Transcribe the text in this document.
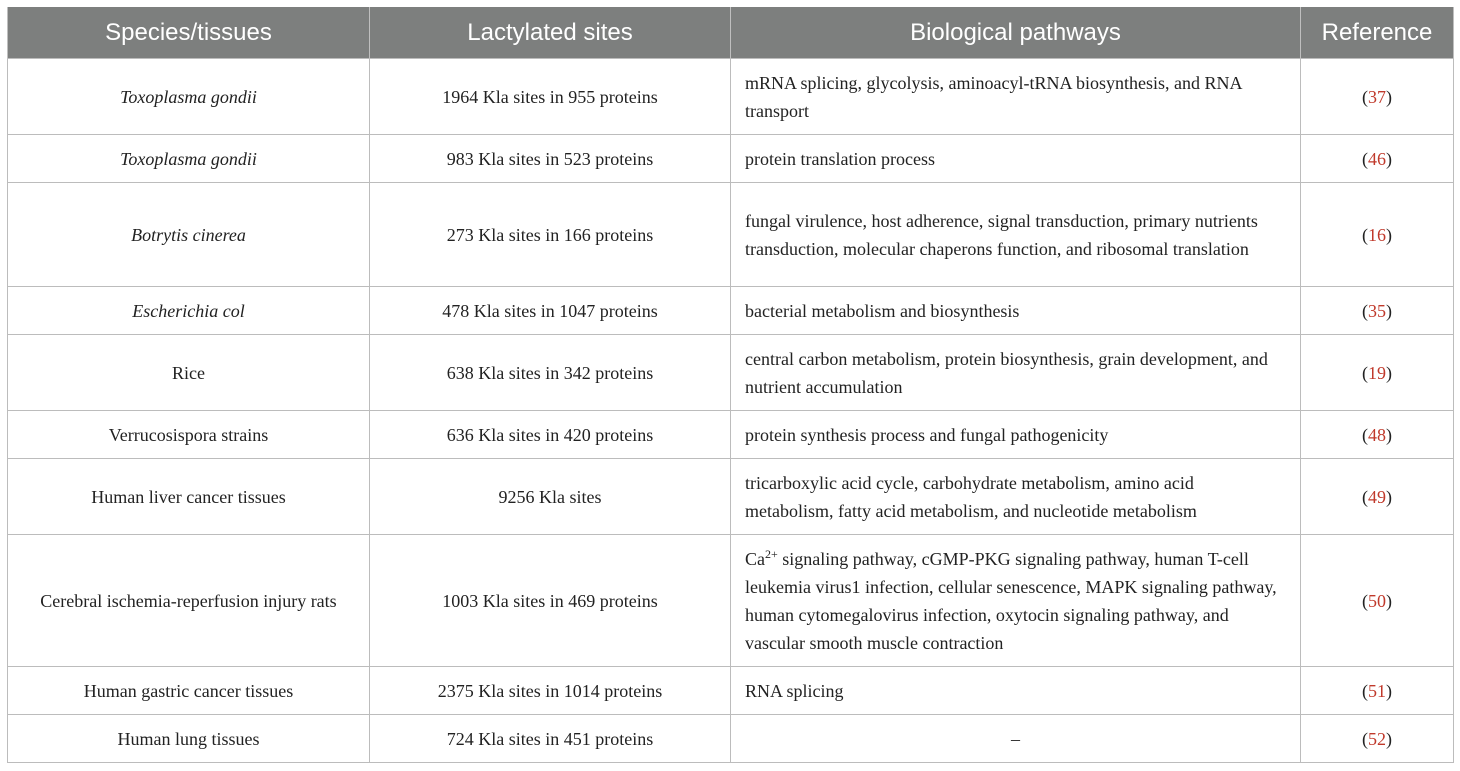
Species/tissues	Lactylated sites	Biological pathways	Reference
Toxoplasma gondii	1964 Kla sites in 955 proteins	mRNA splicing, glycolysis, aminoacyl-tRNA biosynthesis, and RNA transport	(37)
Toxoplasma gondii	983 Kla sites in 523 proteins	protein translation process	(46)
Botrytis cinerea	273 Kla sites in 166 proteins	fungal virulence, host adherence, signal transduction, primary nutrients transduction, molecular chaperons function, and ribosomal translation	(16)
Escherichia col	478 Kla sites in 1047 proteins	bacterial metabolism and biosynthesis	(35)
Rice	638 Kla sites in 342 proteins	central carbon metabolism, protein biosynthesis, grain development, and nutrient accumulation	(19)
Verrucosispora strains	636 Kla sites in 420 proteins	protein synthesis process and fungal pathogenicity	(48)
Human liver cancer tissues	9256 Kla sites	tricarboxylic acid cycle, carbohydrate metabolism, amino acid metabolism, fatty acid metabolism, and nucleotide metabolism	(49)
Cerebral ischemia-reperfusion injury rats	1003 Kla sites in 469 proteins	$Ca^{2+}$ signaling pathway, cGMP-PKG signaling pathway, human T-cell leukemia virus1 infection, cellular senescence, MAPK signaling pathway, human cytomegalovirus infection, oxytocin signaling pathway, and vascular smooth muscle contraction	(50)
Human gastric cancer tissues	2375 Kla sites in 1014 proteins	RNA splicing	(51)
Human lung tissues	724 Kla sites in 451 proteins	–	(52)
